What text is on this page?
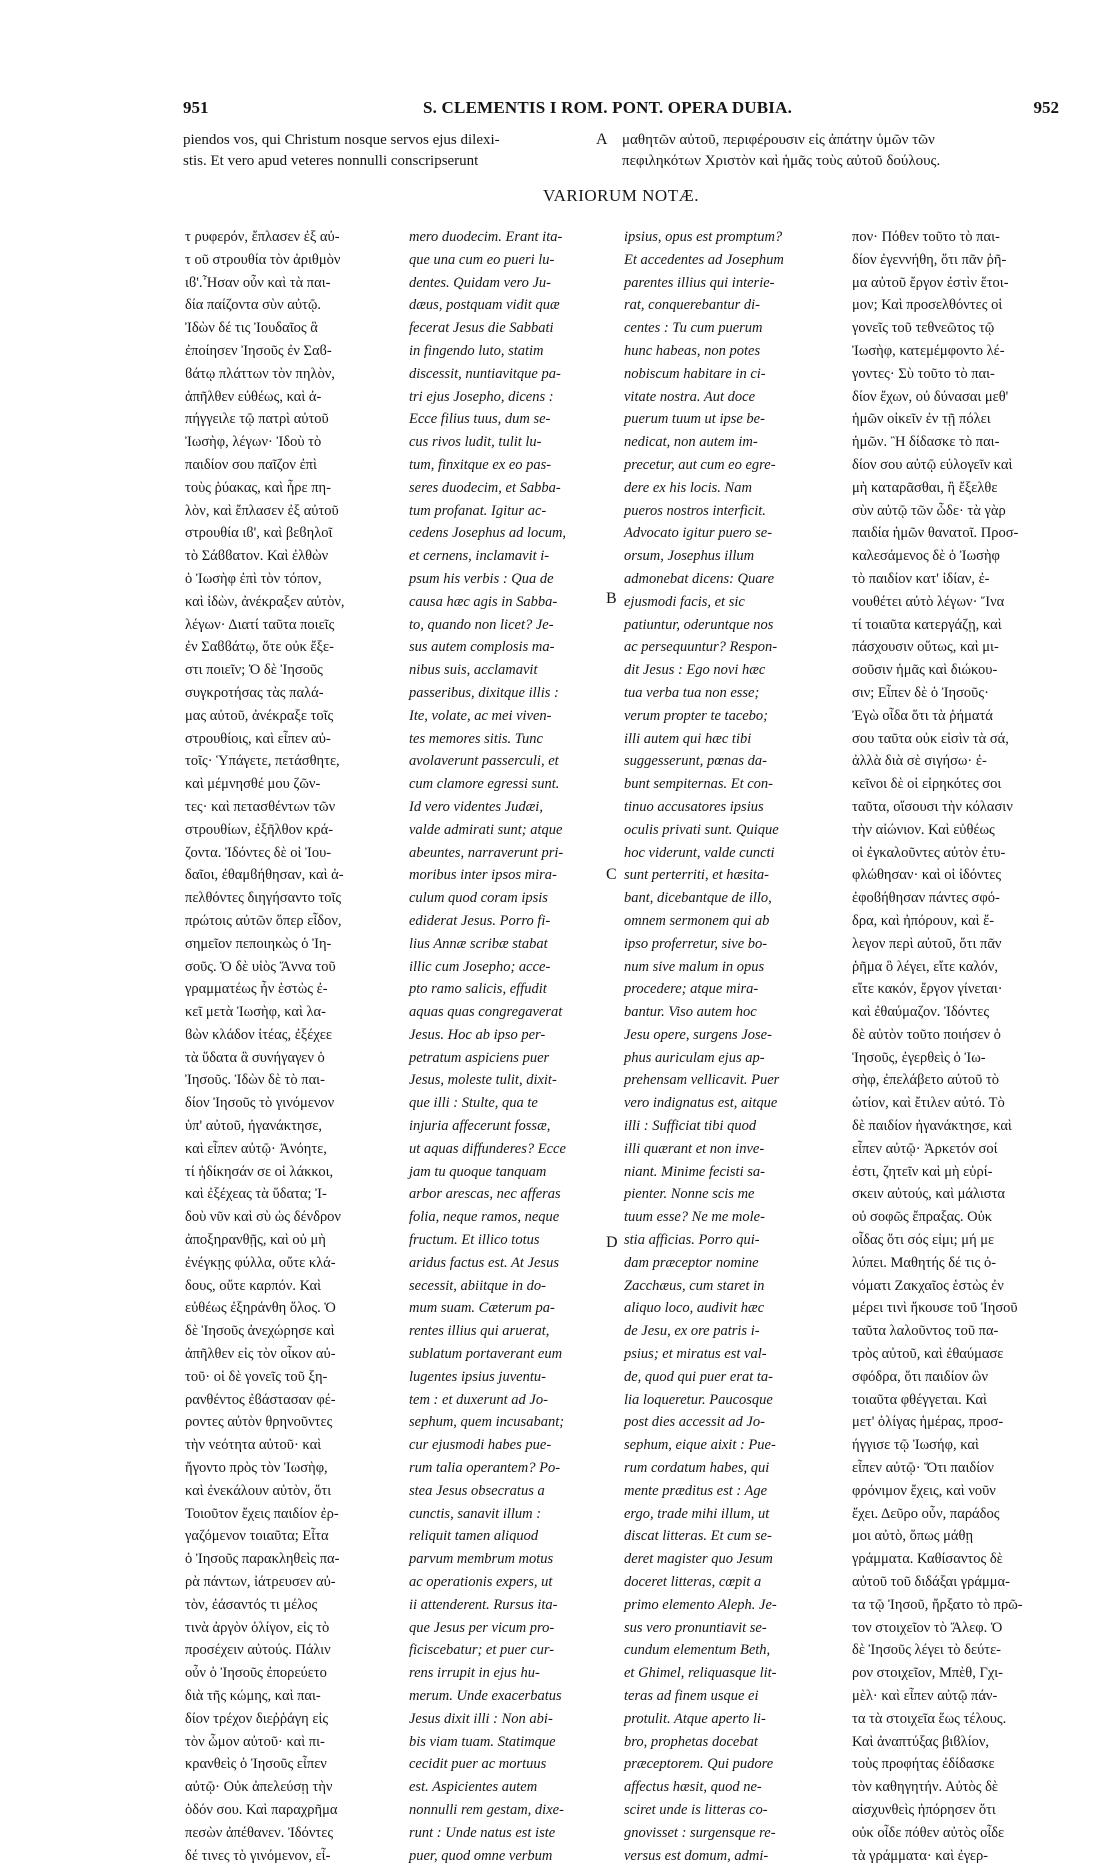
951	S. CLEMENTIS I ROM. PONT. OPERA DUBIA.	952
piendos vos, qui Christum nosque servos ejus dilexi-
stis. Et vero apud veteres nonnulli conscripserunt
A μαθητῶν αὐτοῦ, περιφέρουσιν εἰς ἀπάτην ὑμῶν τῶν
πεφιληκότων Χριστὸν καὶ ἡμᾶς τοὺς αὐτοῦ δούλους.
VARIORUM NOTÆ.
τ ρυφερόν, ἔπλασεν ἐξ αὐ-
τ οῦ στρουθία τὸν ἀριθμὸν
ιϐ'.Ἦσαν οὖν καὶ τὰ παι-
δία παίζοντα σὺν αὐτῷ.
Ἰδὼν δέ τις Ἰουδαῖος ἃ
ἐποίησεν Ἰησοῦς ἐν Σαϐ-
ϐάτῳ πλάττων τὸν πηλὸν,
ἀπῆλθεν εὐθέως, καὶ ἀ-
πήγγειλε τῷ πατρὶ αὐτοῦ
Ἰωσὴφ, λέγων· Ἰδοὺ τὸ
παιδίον σου παῖζον ἐπὶ
τοὺς ῥύακας, καὶ ἦρε πη-
λὸν, καὶ ἔπλασεν ἐξ αὐτοῦ
στρουθία ιϐ', καὶ βεϐηλοῖ
τὸ Σάϐϐατον. Καὶ ἐλθὼν
ὁ Ἰωσὴφ ἐπὶ τὸν τόπον,
καὶ ἰδὼν, ἀνέκραξεν αὐτὸν,
λέγων· Διατί ταῦτα ποιεῖς
ἐν Σαϐϐάτῳ, ὅτε οὐκ ἔξε-
στι ποιεῖν; Ὁ δὲ Ἰησοῦς
συγκροτήσας τὰς παλά-
μας αὐτοῦ, ἀνέκραξε τοῖς
στρουθίοις, καὶ εἶπεν αὐ-
τοῖς· Ὑπάγετε, πετάσθητε,
καὶ μέμνησθέ μου ζῶν-
τες· καὶ πετασθέντων τῶν
στρουθίων, ἐξῆλθον κρά-
ζοντα. Ἰδόντες δὲ οἱ Ἰου-
δαῖοι, ἐθαμϐήθησαν, καὶ ἀ-
πελθόντες διηγήσαντο τοῖς
πρώτοις αὐτῶν ὅπερ εἶδον,
σημεῖον πεποιηκὼς ὁ Ἰη-
σοῦς. Ὁ δὲ υἱὸς Ἄννα τοῦ
γραμματέως ἦν ἑστὼς ἐ-
κεῖ μετὰ Ἰωσὴφ, καὶ λα-
ϐὼν κλάδον ἰτέας, ἐξέχεε
τὰ ὕδατα ἃ συνήγαγεν ὁ
Ἰησοῦς. Ἰδὼν δὲ τὸ παι-
δίον Ἰησοῦς τὸ γινόμενον
ὑπ' αὐτοῦ, ἠγανάκτησε,
καὶ εἶπεν αὐτῷ· Ἀνόητε,
τί ἠδίκησάν σε οἱ λάκκοι,
καὶ ἐξέχεας τὰ ὕδατα; Ἰ-
δοὺ νῦν καὶ σὺ ὡς δένδρον
ἀποξηρανθῇς, καὶ οὐ μὴ
ἐνέγκῃς φύλλα, οὔτε κλά-
δους, οὔτε καρπόν. Καὶ
εὐθέως ἐξηράνθη ὅλος. Ὁ
δὲ Ἰησοῦς ἀνεχώρησε καὶ
ἀπῆλθεν εἰς τὸν οἶκον αὐ-
τοῦ· οἱ δὲ γονεῖς τοῦ ξη-
ρανθέντος ἐϐάστασαν φέ-
ροντες αὐτὸν θρηνοῦντες
τὴν νεότητα αὐτοῦ· καὶ
ἤγοντο πρὸς τὸν Ἰωσὴφ,
καὶ ἐνεκάλουν αὐτὸν, ὅτι
Τοιοῦτον ἔχεις παιδίον ἐρ-
γαζόμενον τοιαῦτα; Εἶτα
ὁ Ἰησοῦς παρακληθεὶς πα-
ρὰ πάντων, ἰάτρευσεν αὐ-
τὸν, ἐάσαντός τι μέλος
τινὰ ἀργὸν ὀλίγον, εἰς τὸ
προσέχειν αὐτούς. Πάλιν
οὖν ὁ Ἰησοῦς ἐπορεύετο
διὰ τῆς κώμης, καὶ παι-
δίον τρέχον διεῤῥάγη εἰς
τὸν ὦμον αὐτοῦ· καὶ πι-
κρανθεὶς ὁ Ἰησοῦς εἶπεν
αὐτῷ· Οὐκ ἀπελεύσῃ τὴν
ὁδόν σου. Καὶ παραχρῆμα
πεσὼν ἀπέθανεν. Ἰδόντες
δέ τινες τὸ γινόμενον, εἶ-
mero duodecim. Erant ita-
que una cum eo pueri lu-
dentes. Quidam vero Ju-
dæus, postquam vidit quæ
fecerat Jesus die Sabbati
in fingendo luto, statim
discessit, nuntiavitque pa-
tri ejus Josepho, dicens :
Ecce filius tuus, dum se-
cus rivos ludit, tulit lu-
tum, finxitque ex eo pas-
seres duodecim, et Sabba-
tum profanat. Igitur ac-
cedens Josephus ad locum,
et cernens, inclamavit i-
psum his verbis : Qua de
causa hæc agis in Sabba-
to, quando non licet? Je-
sus autem complosis ma-
nibus suis, acclamavit
passeribus, dixitque illis :
Ite, volate, ac mei viven-
tes memores sitis. Tunc
avolaverunt passerculi, et
cum clamore egressi sunt.
Id vero videntes Judæi,
valde admirati sunt; atque
abeuntes, narraverunt pri-
moribus inter ipsos mira-
culum quod coram ipsis
ediderat Jesus. Porro fi-
lius Annæ scribæ stabat
illic cum Josepho; acce-
pto ramo salicis, effudit
aquas quas congregaverat
Jesus. Hoc ab ipso per-
petratum aspiciens puer
Jesus, moleste tulit, dixit-
que illi : Stulte, qua te
injuria affecerunt fossæ,
ut aquas diffunderes? Ecce
jam tu quoque tanquam
arbor arescas, nec afferas
folia, neque ramos, neque
fructum. Et illico totus
aridus factus est. At Jesus
secessit, abiitque in do-
mum suam. Cæterum pa-
rentes illius qui aruerat,
sublatum portaverant eum
lugentes ipsius juventu-
tem : et duxerunt ad Jo-
sephum, quem incusabant;
cur ejusmodi habes pue-
rum talia operantem? Po-
stea Jesus obsecratus a
cunctis, sanavit illum :
reliquit tamen aliquod
parvum membrum motus
ac operationis expers, ut
ii attenderent. Rursus ita-
que Jesus per vicum pro-
ficiscebatur; et puer cur-
rens irrupit in ejus hu-
merum. Unde exacerbatus
Jesus dixit illi : Non abi-
bis viam tuam. Statimque
cecidit puer ac mortuus
est. Aspicientes autem
nonnulli rem gestam, dixe-
runt : Unde natus est iste
puer, quod omne verbum
ipsius, opus est promptum?
Et accedentes ad Josephum
parentes illius qui interie-
rat, conquerebantur di-
centes : Tu cum puerum
hunc habeas, non potes
nobiscum habitare in ci-
vitate nostra. Aut doce
puerum tuum ut ipse be-
nedicat, non autem im-
precetur, aut cum eo egre-
dere ex his locis. Nam
pueros nostros interficit.
Advocato igitur puero se-
orsum, Josephus illum
admonebat dicens: Quare
ejusmodi facis, et sic
patiuntur, oderuntque nos
ac persequuntur? Respon-
dit Jesus : Ego novi hæc
tua verba tua non esse;
verum propter te tacebo;
illi autem qui hæc tibi
suggesserunt, pœnas da-
bunt sempiternas. Et con-
tinuo accusatores ipsius
oculis privati sunt. Quique
hoc viderunt, valde cuncti
sunt perterriti, et hæsita-
bant, dicebantque de illo,
omnem sermonem qui ab
ipso proferretur, sive bo-
num sive malum in opus
procedere; atque mira-
bantur. Viso autem hoc
Jesu opere, surgens Jose-
phus auriculam ejus ap-
prehensam vellicavit. Puer
vero indignatus est, aitque
illi : Sufficiat tibi quod
illi quærant et non inve-
niant. Minime fecisti sa-
pienter. Nonne scis me
tuum esse? Ne me mole-
stia afficias. Porro qui-
dam præceptor nomine
Zacchæus, cum staret in
aliquo loco, audivit hæc
de Jesu, ex ore patris i-
psius; et miratus est val-
de, quod qui puer erat ta-
lia loqueretur. Paucosque
post dies accessit ad Jo-
sephum, eique aixit : Pue-
rum cordatum habes, qui
mente præditus est : Age
ergo, trade mihi illum, ut
discat litteras. Et cum se-
deret magister quo Jesum
doceret litteras, cœpit a
primo elemento Aleph. Je-
sus vero pronuntiavit se-
cundum elementum Beth,
et Ghimel, reliquasque lit-
teras ad finem usque ei
protulit. Atque aperto li-
bro, prophetas docebat
præceptorem. Qui pudore
affectus hæsit, quod ne-
sciret unde is litteras co-
gnovisset : surgensque re-
versus est domum, admi-
πον· Πόθεν τοῦτο τὸ παι-
δίον ἐγεννήθη, ὅτι πᾶν ῥῆ-
μα αὐτοῦ ἔργον ἐστὶν ἕτοι-
μον; Καὶ προσελθόντες οἱ
γονεῖς τοῦ τεθνεῶτος τῷ
Ἰωσὴφ, κατεμέμφοντο λέ-
γοντες· Σὺ τοῦτο τὸ παι-
δίον ἔχων, οὐ δύνασαι μεθ'
ἡμῶν οἰκεῖν ἐν τῇ πόλει
ἡμῶν. Ἢ δίδασκε τὸ παι-
δίον σου αὐτῷ εὐλογεῖν καὶ
μὴ καταρᾶσθαι, ἢ ἔξελθε
σὺν αὐτῷ τῶν ὧδε· τὰ γὰρ
παιδία ἡμῶν θανατοῖ. Προσ-
καλεσάμενος δὲ ὁ Ἰωσὴφ
τὸ παιδίον κατ' ἰδίαν, ἐ-
νουθέτει αὐτὸ λέγων· Ἵνα
τί τοιαῦτα κατεργάζῃ, καὶ
πάσχουσιν οὕτως, καὶ μι-
σοῦσιν ἡμᾶς καὶ διώκου-
σιν; Εἶπεν δὲ ὁ Ἰησοῦς·
Ἐγὼ οἶδα ὅτι τὰ ῥήματά
σου ταῦτα οὐκ εἰσὶν τὰ σά,
ἀλλὰ διὰ σὲ σιγήσω· ἐ-
κεῖνοι δὲ οἱ εἰρηκότες σοι
ταῦτα, οἴσουσι τὴν κόλασιν
τὴν αἰώνιον. Καὶ εὐθέως
οἱ ἐγκαλοῦντες αὐτὸν ἐτυ-
φλώθησαν· καὶ οἱ ἰδόντες
ἐφοϐήθησαν πάντες σφό-
δρα, καὶ ἠπόρουν, καὶ ἔ-
λεγον περὶ αὐτοῦ, ὅτι πᾶν
ῥῆμα ὃ λέγει, εἴτε καλόν,
εἴτε κακόν, ἔργον γίνεται·
καὶ ἐθαύμαζον. Ἰδόντες
δὲ αὐτὸν τοῦτο ποιήσεν ὁ
Ἰησοῦς, ἐγερθεὶς ὁ Ἰω-
σὴφ, ἐπελάβετο αὐτοῦ τὸ
ὠτίον, καὶ ἔτιλεν αὐτό. Τὸ
δὲ παιδίον ἠγανάκτησε, καὶ
εἶπεν αὐτῷ· Ἀρκετόν σοί
ἐστι, ζητεῖν καὶ μὴ εὑρί-
σκειν αὐτούς, καὶ μάλιστα
οὐ σοφῶς ἔπραξας. Οὐκ
οἶδας ὅτι σός εἰμι; μή με
λύπει. Μαθητής δέ τις ὀ-
νόματι Ζακχαῖος ἑστὼς ἐν
μέρει τινὶ ἤκουσε τοῦ Ἰησοῦ
ταῦτα λαλοῦντος τοῦ πα-
τρὸς αὐτοῦ, καὶ ἐθαύμασε
σφόδρα, ὅτι παιδίον ὢν
τοιαῦτα φθέγγεται. Καὶ
μετ' ὀλίγας ἡμέρας, προσ-
ήγγισε τῷ Ἰωσήφ, καὶ
εἶπεν αὐτῷ· Ὅτι παιδίον
φρόνιμον ἔχεις, καὶ νοῦν
ἔχει. Δεῦρο οὖν, παράδος
μοι αὐτὸ, ὅπως μάθῃ
γράμματα. Καθίσαντος δὲ
αὐτοῦ τοῦ διδάξαι γράμμα-
τα τῷ Ἰησοῦ, ἤρξατο τὸ πρῶ-
τον στοιχεῖον τὸ Ἄλεφ. Ὁ
δὲ Ἰησοῦς λέγει τὸ δεύτε-
ρον στοιχεῖον, Μπὲθ, Γχι-
μὲλ· καὶ εἶπεν αὐτῷ πάν-
τα τὰ στοιχεῖα ἕως τέλους.
Καὶ ἀναπτύξας βιϐλίον,
τοὺς προφήτας ἐδίδασκε
τὸν καθηγητήν. Αὐτὸς δὲ
αἰσχυνθεὶς ἠπόρησεν ὅτι
οὐκ οἶδε πόθεν αὐτὸς οἶδε
τὰ γράμματα· καὶ ἐγερ-
B
C
D
